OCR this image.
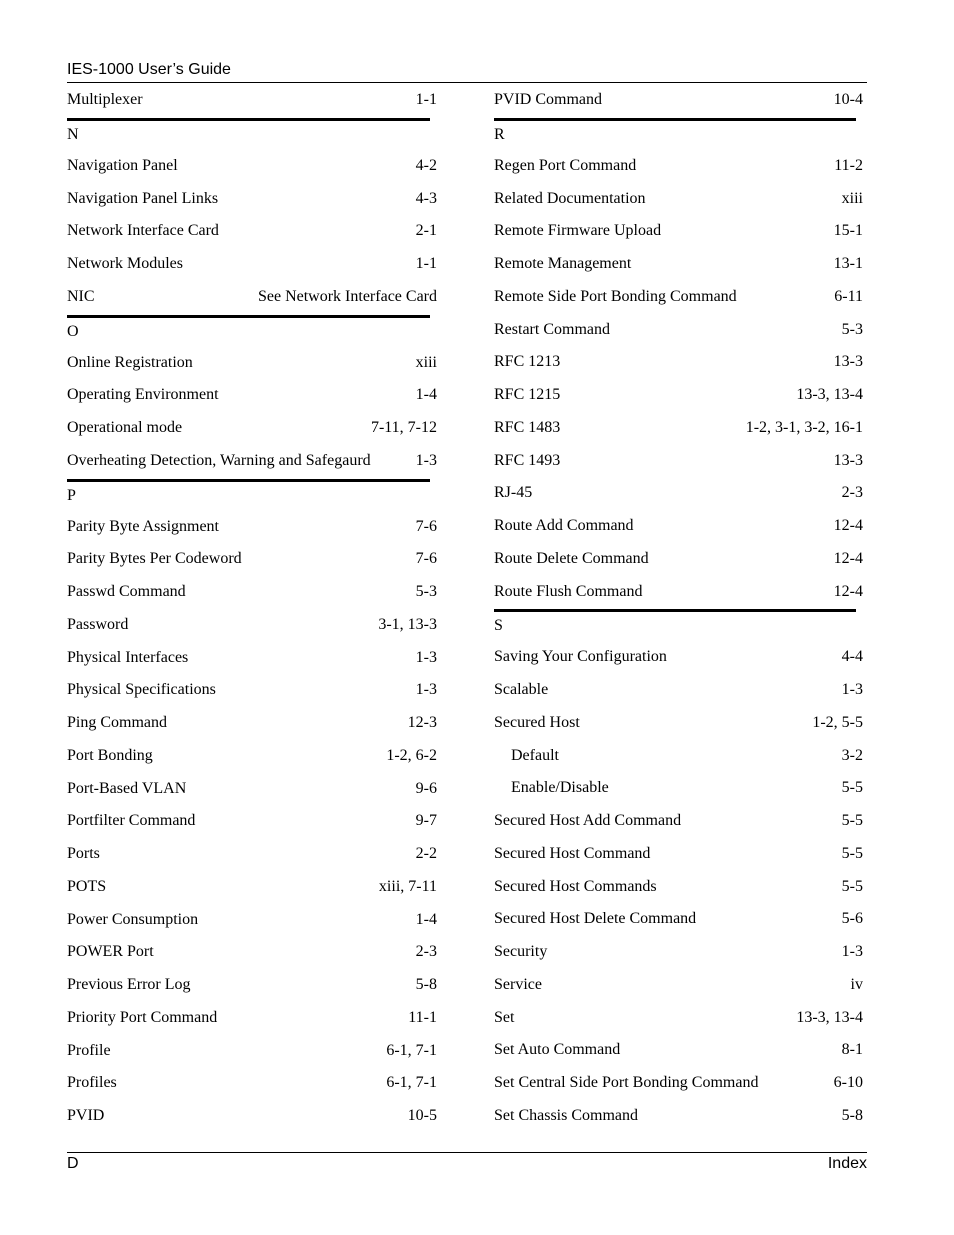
IES-1000 User’s Guide
Multiplexer	1-1
N
Navigation Panel	4-2
Navigation Panel Links	4-3
Network Interface Card	2-1
Network Modules	1-1
NIC	See Network Interface Card
O
Online Registration	xiii
Operating Environment	1-4
Operational mode	7-11, 7-12
Overheating Detection, Warning and Safegaurd	1-3
P
Parity Byte Assignment	7-6
Parity Bytes Per Codeword	7-6
Passwd Command	5-3
Password	3-1, 13-3
Physical Interfaces	1-3
Physical Specifications	1-3
Ping Command	12-3
Port Bonding	1-2, 6-2
Port-Based VLAN	9-6
Portfilter Command	9-7
Ports	2-2
POTS	xiii, 7-11
Power Consumption	1-4
POWER Port	2-3
Previous Error Log	5-8
Priority Port Command	11-1
Profile	6-1, 7-1
Profiles	6-1, 7-1
PVID	10-5
PVID Command	10-4
R
Regen Port Command	11-2
Related Documentation	xiii
Remote Firmware Upload	15-1
Remote Management	13-1
Remote Side Port Bonding Command	6-11
Restart Command	5-3
RFC 1213	13-3
RFC 1215	13-3, 13-4
RFC 1483	1-2, 3-1, 3-2, 16-1
RFC 1493	13-3
RJ-45	2-3
Route Add Command	12-4
Route Delete Command	12-4
Route Flush Command	12-4
S
Saving Your Configuration	4-4
Scalable	1-3
Secured Host	1-2, 5-5
Default	3-2
Enable/Disable	5-5
Secured Host Add Command	5-5
Secured Host Command	5-5
Secured Host Commands	5-5
Secured Host Delete Command	5-6
Security	1-3
Service	iv
Set	13-3, 13-4
Set Auto Command	8-1
Set Central Side Port Bonding Command	6-10
Set Chassis Command	5-8
D	Index
